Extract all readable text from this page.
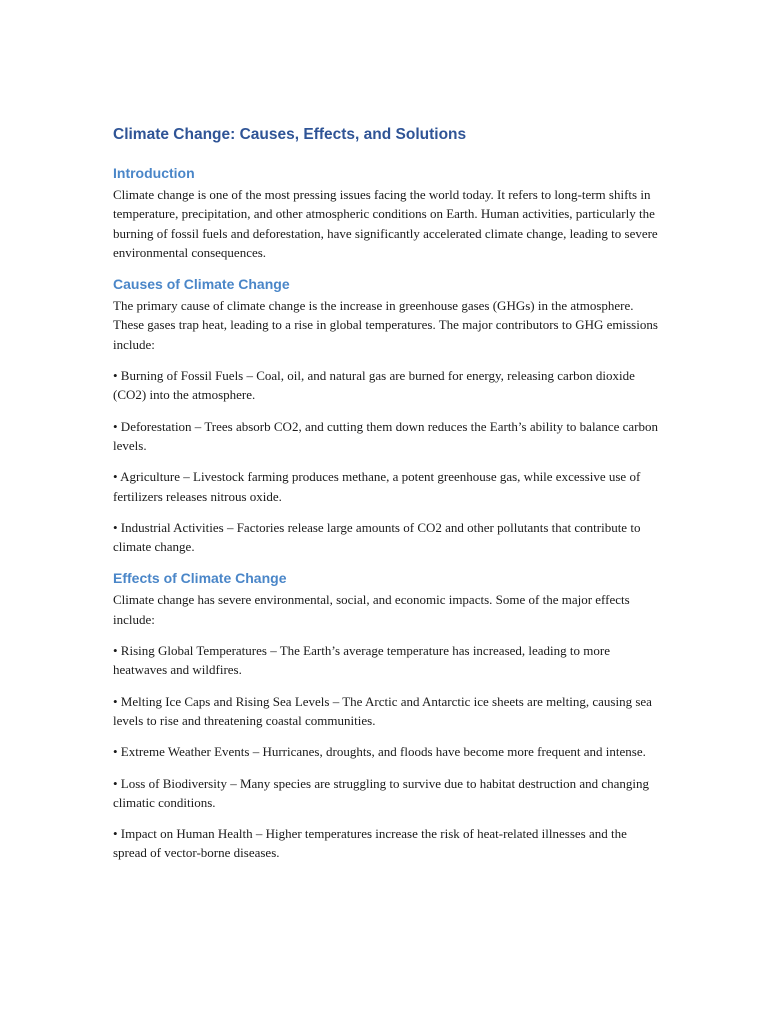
Climate Change: Causes, Effects, and Solutions
Introduction

Climate change is one of the most pressing issues facing the world today. It refers to long-term shifts in temperature, precipitation, and other atmospheric conditions on Earth. Human activities, particularly the burning of fossil fuels and deforestation, have significantly accelerated climate change, leading to severe environmental consequences.

Causes of Climate Change

The primary cause of climate change is the increase in greenhouse gases (GHGs) in the atmosphere. These gases trap heat, leading to a rise in global temperatures. The major contributors to GHG emissions include:

• Burning of Fossil Fuels – Coal, oil, and natural gas are burned for energy, releasing carbon dioxide (CO2) into the atmosphere.

• Deforestation – Trees absorb CO2, and cutting them down reduces the Earth’s ability to balance carbon levels.

• Agriculture – Livestock farming produces methane, a potent greenhouse gas, while excessive use of fertilizers releases nitrous oxide.

• Industrial Activities – Factories release large amounts of CO2 and other pollutants that contribute to climate change.

Effects of Climate Change

Climate change has severe environmental, social, and economic impacts. Some of the major effects include:

• Rising Global Temperatures – The Earth’s average temperature has increased, leading to more heatwaves and wildfires.

• Melting Ice Caps and Rising Sea Levels – The Arctic and Antarctic ice sheets are melting, causing sea levels to rise and threatening coastal communities.

• Extreme Weather Events – Hurricanes, droughts, and floods have become more frequent and intense.

• Loss of Biodiversity – Many species are struggling to survive due to habitat destruction and changing climatic conditions.

• Impact on Human Health – Higher temperatures increase the risk of heat-related illnesses and the spread of vector-borne diseases.
